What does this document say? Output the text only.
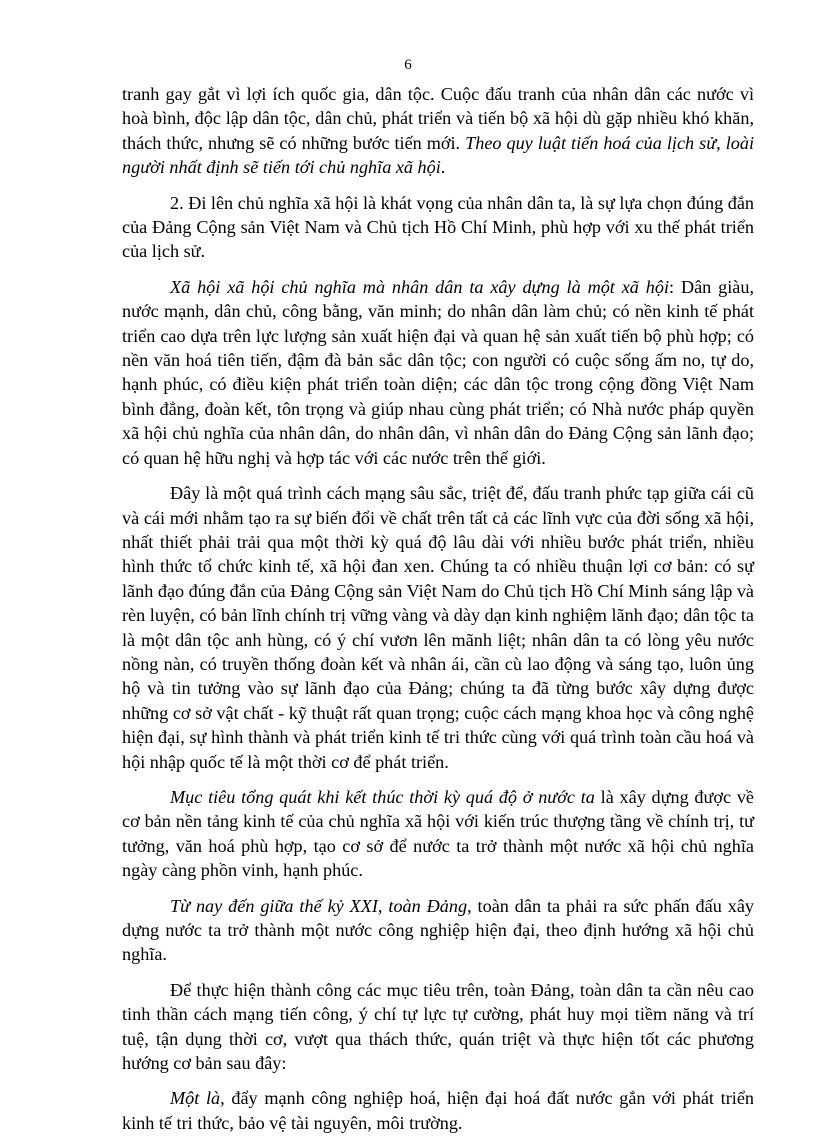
6

tranh gay gắt vì lợi ích quốc gia, dân tộc. Cuộc đấu tranh của nhân dân các nước vì hoà bình, độc lập dân tộc, dân chủ, phát triển và tiến bộ xã hội dù gặp nhiều khó khăn, thách thức, nhưng sẽ có những bước tiến mới. Theo quy luật tiến hoá của lịch sử, loài người nhất định sẽ tiến tới chủ nghĩa xã hội.

2. Đi lên chủ nghĩa xã hội là khát vọng của nhân dân ta, là sự lựa chọn đúng đắn của Đảng Cộng sản Việt Nam và Chủ tịch Hồ Chí Minh, phù hợp với xu thế phát triển của lịch sử.

Xã hội xã hội chủ nghĩa mà nhân dân ta xây dựng là một xã hội: Dân giàu, nước mạnh, dân chủ, công bằng, văn minh; do nhân dân làm chủ; có nền kinh tế phát triển cao dựa trên lực lượng sản xuất hiện đại và quan hệ sản xuất tiến bộ phù hợp; có nền văn hoá tiên tiến, đậm đà bản sắc dân tộc; con người có cuộc sống ấm no, tự do, hạnh phúc, có điều kiện phát triển toàn diện; các dân tộc trong cộng đồng Việt Nam bình đẳng, đoàn kết, tôn trọng và giúp nhau cùng phát triển; có Nhà nước pháp quyền xã hội chủ nghĩa của nhân dân, do nhân dân, vì nhân dân do Đảng Cộng sản lãnh đạo; có quan hệ hữu nghị và hợp tác với các nước trên thế giới.

Đây là một quá trình cách mạng sâu sắc, triệt để, đấu tranh phức tạp giữa cái cũ và cái mới nhằm tạo ra sự biến đổi về chất trên tất cả các lĩnh vực của đời sống xã hội, nhất thiết phải trải qua một thời kỳ quá độ lâu dài với nhiều bước phát triển, nhiều hình thức tổ chức kinh tế, xã hội đan xen. Chúng ta có nhiều thuận lợi cơ bản: có sự lãnh đạo đúng đắn của Đảng Cộng sản Việt Nam do Chủ tịch Hồ Chí Minh sáng lập và rèn luyện, có bản lĩnh chính trị vững vàng và dày dạn kinh nghiệm lãnh đạo; dân tộc ta là một dân tộc anh hùng, có ý chí vươn lên mãnh liệt; nhân dân ta có lòng yêu nước nồng nàn, có truyền thống đoàn kết và nhân ái, cần cù lao động và sáng tạo, luôn ủng hộ và tin tưởng vào sự lãnh đạo của Đảng; chúng ta đã từng bước xây dựng được những cơ sở vật chất - kỹ thuật rất quan trọng; cuộc cách mạng khoa học và công nghệ hiện đại, sự hình thành và phát triển kinh tế tri thức cùng với quá trình toàn cầu hoá và hội nhập quốc tế là một thời cơ để phát triển.

Mục tiêu tổng quát khi kết thúc thời kỳ quá độ ở nước ta là xây dựng được về cơ bản nền tảng kinh tế của chủ nghĩa xã hội với kiến trúc thượng tầng về chính trị, tư tưởng, văn hoá phù hợp, tạo cơ sở để nước ta trở thành một nước xã hội chủ nghĩa ngày càng phồn vinh, hạnh phúc.

Từ nay đến giữa thế kỷ XXI, toàn Đảng, toàn dân ta phải ra sức phấn đấu xây dựng nước ta trở thành một nước công nghiệp hiện đại, theo định hướng xã hội chủ nghĩa.

Để thực hiện thành công các mục tiêu trên, toàn Đảng, toàn dân ta cần nêu cao tinh thần cách mạng tiến công, ý chí tự lực tự cường, phát huy mọi tiềm năng và trí tuệ, tận dụng thời cơ, vượt qua thách thức, quán triệt và thực hiện tốt các phương hướng cơ bản sau đây:

Một là, đẩy mạnh công nghiệp hoá, hiện đại hoá đất nước gắn với phát triển kinh tế tri thức, bảo vệ tài nguyên, môi trường.
